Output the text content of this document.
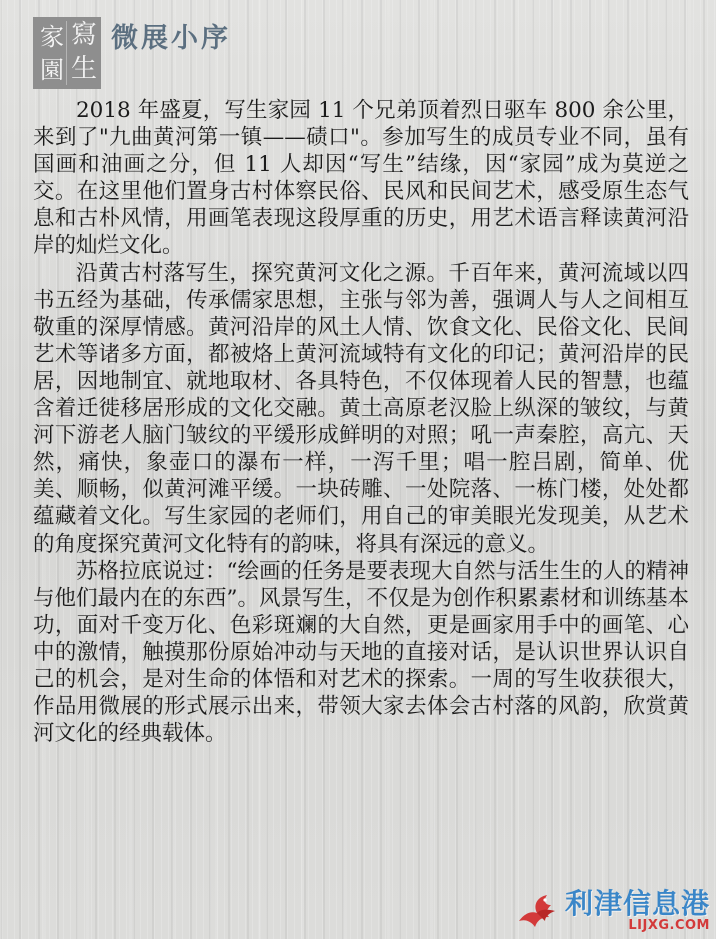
寫
生
家
園
微展小序

2018 年盛夏，写生家园 11 个兄弟顶着烈日驱车 800 余公里，来到了"九曲黄河第一镇——碛口"。参加写生的成员专业不同，虽有国画和油画之分，但 11 人却因“写生”结缘，因“家园”成为莫逆之交。在这里他们置身古村体察民俗、民风和民间艺术，感受原生态气息和古朴风情，用画笔表现这段厚重的历史，用艺术语言释读黄河沿岸的灿烂文化。

沿黄古村落写生，探究黄河文化之源。千百年来，黄河流域以四书五经为基础，传承儒家思想，主张与邻为善，强调人与人之间相互敬重的深厚情感。黄河沿岸的风土人情、饮食文化、民俗文化、民间艺术等诸多方面，都被烙上黄河流域特有文化的印记；黄河沿岸的民居，因地制宜、就地取材、各具特色，不仅体现着人民的智慧，也蕴含着迁徙移居形成的文化交融。黄土高原老汉脸上纵深的皱纹，与黄河下游老人脑门皱纹的平缓形成鲜明的对照；吼一声秦腔，高亢、天然，痛快，象壶口的瀑布一样，一泻千里；唱一腔吕剧，简单、优美、顺畅，似黄河滩平缓。一块砖雕、一处院落、一栋门楼，处处都蕴藏着文化。写生家园的老师们，用自己的审美眼光发现美，从艺术的角度探究黄河文化特有的韵味，将具有深远的意义。

苏格拉底说过：“绘画的任务是要表现大自然与活生生的人的精神与他们最内在的东西”。风景写生，不仅是为创作积累素材和训练基本功，面对千变万化、色彩斑斓的大自然，更是画家用手中的画笔、心中的激情，触摸那份原始冲动与天地的直接对话，是认识世界认识自己的机会，是对生命的体悟和对艺术的探索。一周的写生收获很大，作品用微展的形式展示出来，带领大家去体会古村落的风韵，欣赏黄河文化的经典载体。

利津信息港
LIJXG.COM
